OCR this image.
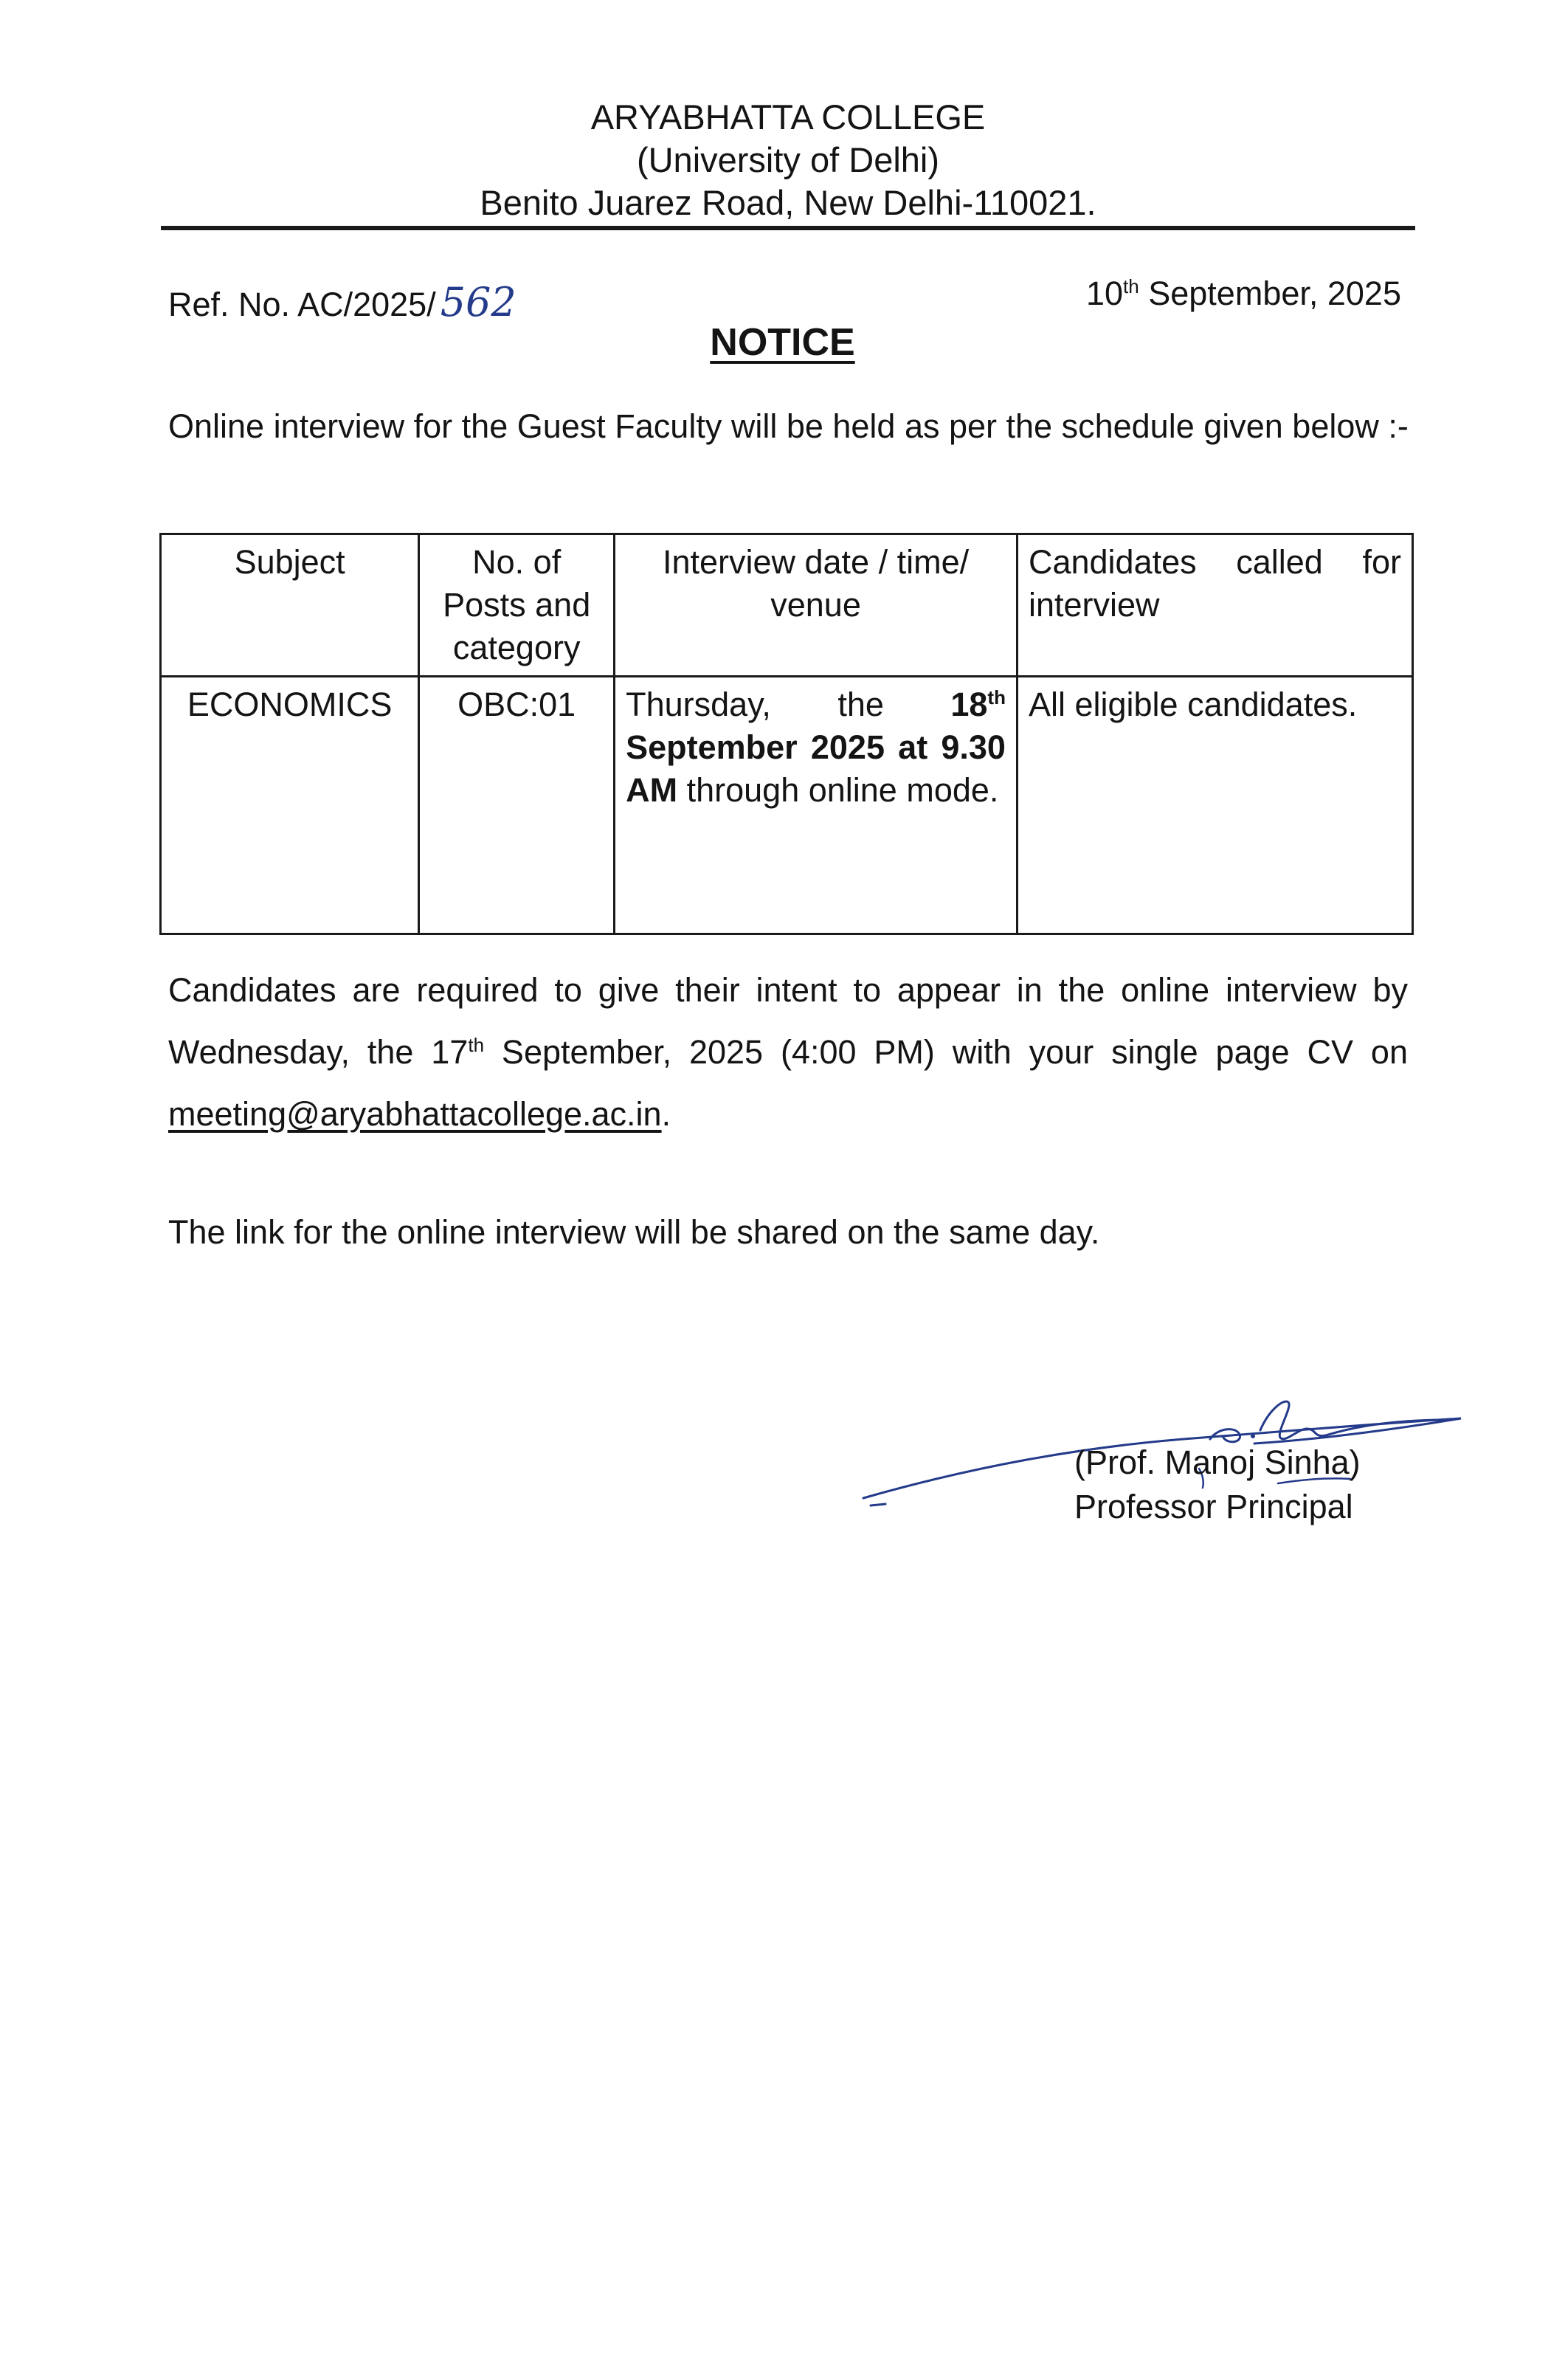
ARYABHATTA COLLEGE
(University of Delhi)
Benito Juarez Road, New Delhi-110021.
Ref. No. AC/2025/ 562	10th September, 2025
NOTICE
Online interview for the Guest Faculty will be held as per the schedule given below :-
Subject	No. of Posts and category	Interview date / time/ venue	Candidates called for interview
ECONOMICS	OBC:01	Thursday, the 18th September 2025 at 9.30 AM through online mode.	All eligible candidates.
Candidates are required to give their intent to appear in the online interview by Wednesday, the 17th September, 2025 (4:00 PM) with your single page CV on meeting@aryabhattacollege.ac.in.
The link for the online interview will be shared on the same day.
(Prof. Manoj Sinha)
Professor Principal
